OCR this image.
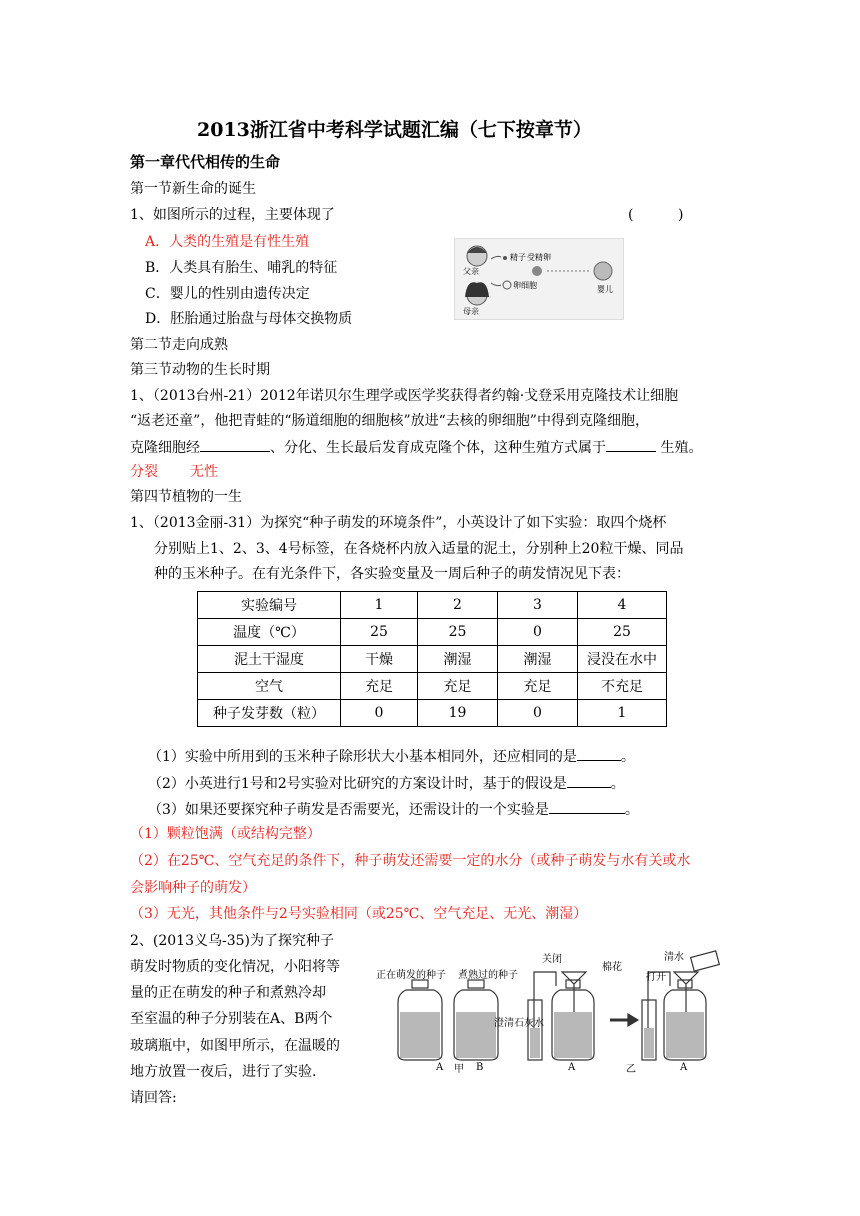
2013浙江省中考科学试题汇编（七下按章节）
第一章代代相传的生命
第一节新生命的诞生
1、如图所示的过程，主要体现了	(          )
A．人类的生殖是有性生殖
B．人类具有胎生、哺乳的特征
C．婴儿的性别由遗传决定
D．胚胎通过胎盘与母体交换物质
父亲
母亲
精子
卵细胞
受精卵
婴儿
第二节走向成熟
第三节动物的生长时期
1、（2013台州-21）2012年诺贝尔生理学或医学奖获得者约翰·戈登采用克隆技术让细胞
“返老还童”，他把青蛙的“肠道细胞的细胞核”放进“去核的卵细胞”中得到克隆细胞，
克隆细胞经	、分化、生长最后发育成克隆个体，这种生殖方式属于	生殖。
分裂 无性
第四节植物的一生
1、（2013金丽-31）为探究“种子萌发的环境条件”，小英设计了如下实验：取四个烧杯
分别贴上1、2、3、4号标签，在各烧杯内放入适量的泥土，分别种上20粒干燥、同品
种的玉米种子。在有光条件下，各实验变量及一周后种子的萌发情况见下表：
实验编号	1	2	3	4
温度（℃）	25	25	0	25
泥土干湿度	干燥	潮湿	潮湿	浸没在水中
空气	充足	充足	充足	不充足
种子发芽数（粒）	0	19	0	1
（1）实验中所用到的玉米种子除形状大小基本相同外，还应相同的是	。
（2）小英进行1号和2号实验对比研究的方案设计时，基于的假设是	。
（3）如果还要探究种子萌发是否需要光，还需设计的一个实验是	。
（1）颗粒饱满（或结构完整）
（2）在25℃、空气充足的条件下，种子萌发还需要一定的水分（或种子萌发与水有关或水
会影响种子的萌发）
（3）无光，其他条件与2号实验相同（或25℃、空气充足、无光、潮湿）
2、(2013义乌-35)为了探究种子
萌发时物质的变化情况，小阳将等
量的正在萌发的种子和煮熟冷却
至室温的种子分别装在A、B两个
玻璃瓶中，如图甲所示，在温暖的
地方放置一夜后，进行了实验.
请回答:
正在萌发的种子 煮熟过的种子
关闭
棉花
清水
打开
澄清石灰水
A 甲 B	A	乙	A
